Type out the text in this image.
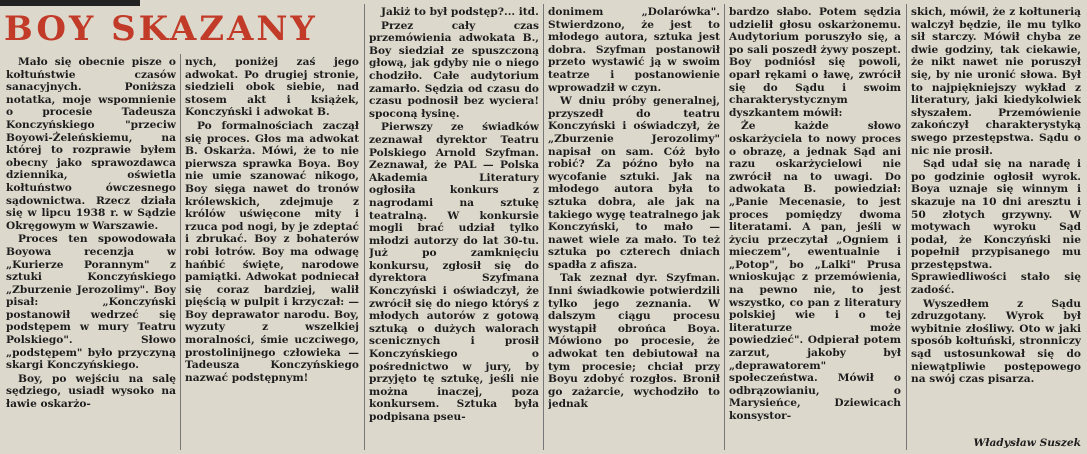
BOY SKAZANY

Mało się obecnie pisze o kołtuństwie czasów sanacyjnych. Poniższa notatka, moje wspomnienie o procesie Tadeusza Konczyńskiego "przeciw Boyowi-Żeleńskiemu, na której to rozprawie byłem obecny jako sprawozdawca dziennika, oświetla kołtuństwo ówczesnego sądownictwa. Rzecz działa się w lipcu 1938 r. w Sądzie Okręgowym w Warszawie.

Proces ten spowodowała Boyowa recenzja w „Kurierze Porannym" z sztuki Konczyńskiego „Zburzenie Jerozolimy". Boy pisał: „Konczyński postanowił wedrzeć się podstępem w mury Teatru Polskiego". Słowo „podstępem" było przyczyną skargi Konczyńskiego.

Boy, po wejściu na salę sędziego, usiadł wysoko na ławie oskarżo-

nych, poniżej zaś jego adwokat. Po drugiej stronie, siedzieli obok siebie, nad stosem akt i książek, Konczyński i adwokat B.

Po formalnościach zaczął się proces. Głos ma adwokat B. Oskarża. Mówi, że to nie pierwsza sprawka Boya. Boy nie umie szanować nikogo, Boy sięga nawet do tronów królewskich, zdejmuje z królów uświęcone mity i rzuca pod nogi, by je zdeptać i zbrukać. Boy z bohaterów robi łotrów. Boy ma odwagę hańbić święte, narodowe pamiątki. Adwokat podniecał się coraz bardziej, walił pięścią w pulpit i krzyczał: — Boy deprawator narodu. Boy, wyzuty z wszelkiej moralności, śmie uczciwego, prostolinijnego człowieka — Tadeusza Konczyńskiego nazwać podstępnym!

Jakiż to był podstęp?... itd.

Przez cały czas przemówienia adwokata B., Boy siedział ze spuszczoną głową, jak gdyby nie o niego chodziło. Całe audytorium zamarło. Sędzia od czasu do czasu podnosił bez wyciera! spoconą łysinę.

Pierwszy ze świadków zeznawał dyrektor Teatru Polskiego Arnold Szyfman. Zeznawał, że PAL — Polska Akademia Literatury ogłosiła konkurs z nagrodami na sztukę teatralną. W konkursie mogli brać udział tylko młodzi autorzy do lat 30-tu. Już po zamknięciu konkursu, zgłosił się do dyrektora Szyfmana Konczyński i oświadczył, że zwrócił się do niego któryś z młodych autorów z gotową sztuką o dużych walorach scenicznych i prosił Konczyńskiego o pośrednictwo w jury, by przyjęto tę sztukę, jeśli nie można inaczej, poza konkursem. Sztuka była podpisana pseu-

donimem „Dolarówka". Stwierdzono, że jest to młodego autora, sztuka jest dobra. Szyfman postanowił przeto wystawić ją w swoim teatrze i postanowienie wprowadził w czyn.

W dniu próby generalnej, przyszedł do teatru Konczyński i oświadczył, że „Zburzenie Jerozolimy" napisał on sam. Cóż było robić? Za późno było na wycofanie sztuki. Jak na młodego autora była to sztuka dobra, ale jak na takiego wygę teatralnego jak Konczyński, to mało — nawet wiele za mało. To też sztuka po czterech dniach spadła z afisza.

Tak zeznał dyr. Szyfman. Inni świadkowie potwierdzili tylko jego zeznania. W dalszym ciągu procesu wystąpił obrońca Boya. Mówiono po procesie, że adwokat ten debiutował na tym procesie; chciał przy Boyu zdobyć rozgłos. Bronił go zażarcie, wychodziło to jednak

bardzo słabo. Potem sędzia udzielił głosu oskarżonemu. Audytorium poruszyło się, a po sali poszedł żywy poszept. Boy podniósł się powoli, oparł rękami o ławę, zwrócił się do Sądu i swoim charakterystycznym dyszkantem mówił:

Że każde słowo oskarżyciela to nowy proces o obrazę, a jednak Sąd ani razu oskarżycielowi nie zwrócił na to uwagi. Do adwokata B. powiedział: „Panie Mecenasie, to jest proces pomiędzy dwoma literatami. A pan, jeśli w życiu przeczytał „Ogniem i mieczem", ewentualnie i „Potop", bo „Lalki" Prusa wnioskując z przemówienia, na pewno nie, to jest wszystko, co pan z literatury polskiej wie i o tej literaturze może powiedzieć". Odpierał potem zarzut, jakoby był „deprawatorem" społeczeństwa. Mówił o odbrązowianiu, o Marysieńce, Dziewicach konsystor-

skich, mówił, że z kołtunerią walczył będzie, ile mu tylko sił starczy. Mówił chyba ze dwie godziny, tak ciekawie, że nikt nawet nie poruszył się, by nie uronić słowa. Był to najpiękniejszy wykład z literatury, jaki kiedykolwiek słyszałem. Przemówienie zakończył charakterystyką swego przestępstwa. Sądu o nic nie prosił.

Sąd udał się na naradę i po godzinie ogłosił wyrok. Boya uznaje się winnym i skazuje na 10 dni aresztu i 50 złotych grzywny. W motywach wyroku Sąd podał, że Konczyński nie popełnił przypisanego mu przestępstwa. Sprawiedliwości stało się zadość.

Wyszedłem z Sądu zdruzgotany. Wyrok był wybitnie złośliwy. Oto w jaki sposób kołtuński, stronniczy sąd ustosunkował się do niewątpliwie postępowego na swój czas pisarza.

Władysław Suszek
